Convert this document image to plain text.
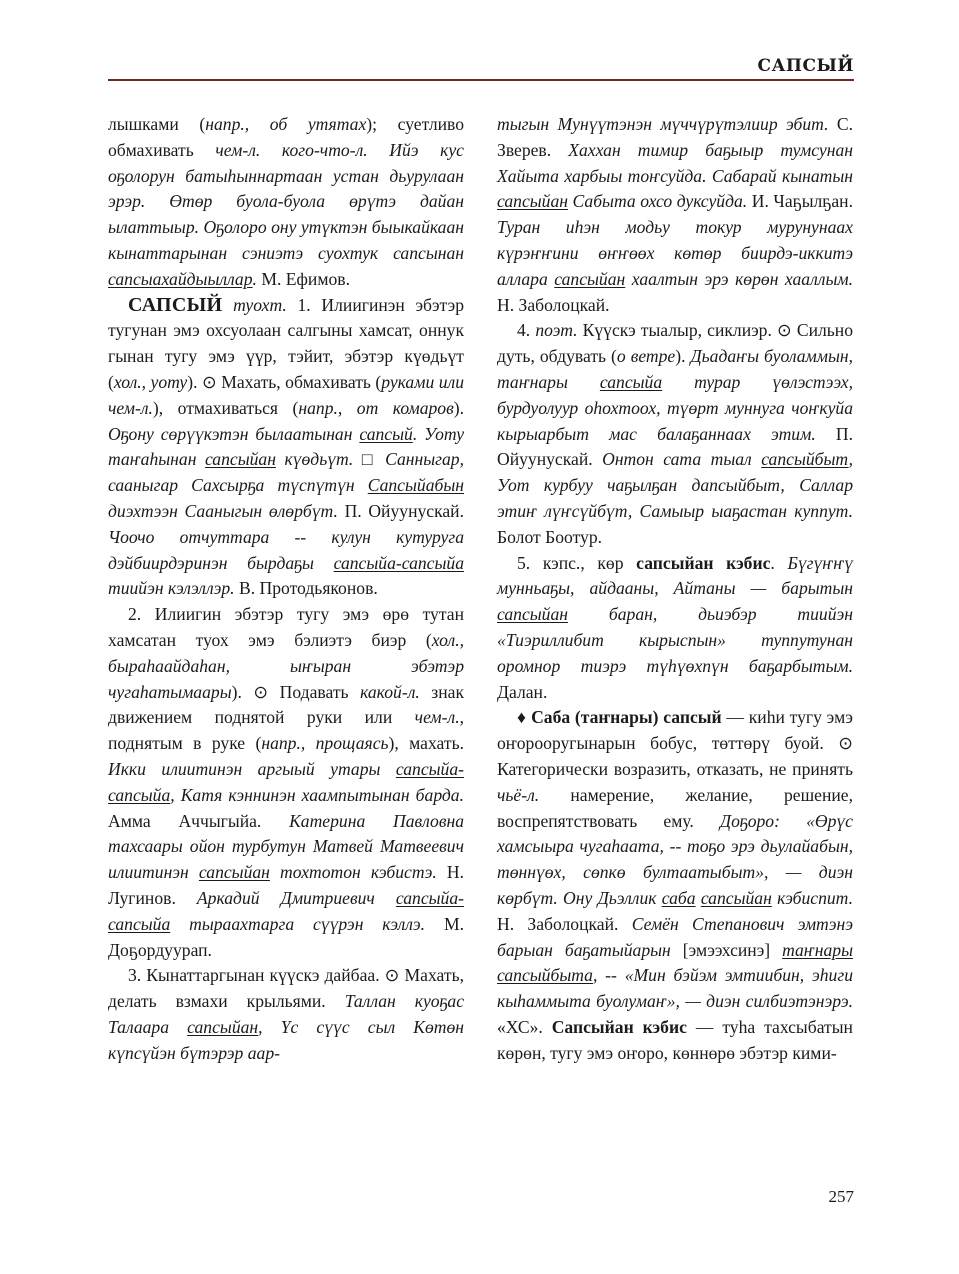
САПСЫЙ

лышками (напр., об утятах); суетливо обмахивать чем-л. кого-что-л. Ийэ кус оҕолорун батыһыннартаан устан дьурулаан эрэр. Өтөр буола-буола өрүтэ дайан ылаттыыр. Оҕолоро ону утүктэн быыкайкаан кынаттарынан сэниэтэ суохтук сапсынан сапсыахайдыыллар. М. Ефимов.

САПСЫЙ туохт. 1. Илиигинэн эбэтэр тугунан эмэ охсуолаан салгыны хамсат, оннук гынан тугу эмэ үүр, тэйит, эбэтэр күөдьүт (хол., уоту). ⊙ Махать, обмахивать (руками или чем-л.), отмахиваться (напр., от комаров). Оҕону сөрүүкэтэн былаатынан сапсый. Уоту таҥаһынан сапсыйан күөдьүт. □ Санныгар, сааныгар Сахсырҕа түспүтүн Сапсыйабын диэхтээн Сааныгын өлөрбүт. П. Ойуунускай. Чоочо отчуттара -- кулун кутуругa дэйбиирдэринэн бырдаҕы сапсыйа-сапсыйа тиийэн кэлэллэр. В. Протодьяконов.

2. Илиигин эбэтэр тугу эмэ өрө тутан хамсатан туох эмэ бэлиэтэ биэр (хол., быраһаайдаһан, ыҥыран эбэтэр чугаһатымаары). ⊙ Подавать какой-л. знак движением поднятой руки или чем-л., поднятым в руке (напр., прощаясь), махать. Икки илиитинэн аргыый утары сапсыйа-сапсыйа, Катя кэннинэн хаампытынан барда. Амма Аччыгыйа. Катерина Павловна тахсаары ойон турбутун Матвей Матвеевич илиитинэн сапсыйан тохтотон кэбистэ. Н. Лугинов. Аркадий Дмитриевич сапсыйа-сапсыйа тыраахтарга сүүрэн кэллэ. М. Доҕордуурап.

3. Кынаттаргынан күүскэ дайбаа. ⊙ Махать, делать взмахи крыльями. Таллан куоҕас Талаара сапсыйан, Үс сүүс сыл Көтөн күпсүйэн бүтэрэр аар-

тыгын Мунүүтэнэн мүччүрүтэлиир эбит. С. Зверев. Хаххан тимир баҕыыр тумсунан Хайыта харбыы тоҥсуйда. Сабарай кынатын сапсыйан Сабыта охсо дуксуйда. И. Чаҕылҕан. Туран иһэн модьу токур мурунунаах күрэҥҥини өҥҥөөх көтөр биирдэ-иккитэ аллара сапсыйан хаалтын эрэ көрөн хааллым. Н. Заболоцкай.

4. поэт. Күүскэ тыалыр, сиклиэр. ⊙ Сильно дуть, обдувать (о ветре). Дьадаҥы буоламмын, таҥнары сапсыйа турар үөлэстээх, бурдуолуур оһохтоох, түөрт муннуга чоҥкуйа кырыарбыт мас балаҕаннаах этим. П. Ойуунускай. Онтон сата тыал сапсыйбыт, Уот курбуу чаҕылҕан дапсыйбыт, Саллар этиҥ лүҥсүйбүт, Самыыр ыаҕастан куппут. Болот Боотур.

5. кэпс., көр сапсыйан кэбис. Бүгүҥҥү мунньаҕы, айдааны, Айтаны — барытын сапсыйан баран, дьиэбэр тиийэн «Тиэриллибит кырыспын» туппутунан оромнор тиэрэ түһүөхпүн баҕарбытым. Далан.

♦ Саба (таҥнары) сапсый — киһи тугу эмэ оҥорооругынарын бобус, төттөрү буой. ⊙ Категорически возразить, отказать, не принять чьё-л. намерение, желание, решение, воспрепятствовать ему. Доҕоро: «Өрүс хамсыыра чугаһаата, -- тоҕо эрэ дьулайабын, төннүөх, сөпкө бултаатыбыт», — диэн көрбүт. Ону Дьэллик саба сапсыйан кэбиспит. Н. Заболоцкай. Семён Степанович эмтэнэ барыан баҕатыйарын [эмээхсинэ] таҥнары сапсыйбыта, -- «Мин бэйэм эмтиибин, эһиги кыһаммыта буолумаҥ», — диэн силбиэтэнэрэ. «ХС». Сапсыйан кэбис — туһа тахсыбатын көрөн, тугу эмэ оҥоро, көннөрө эбэтэр кими-

257
